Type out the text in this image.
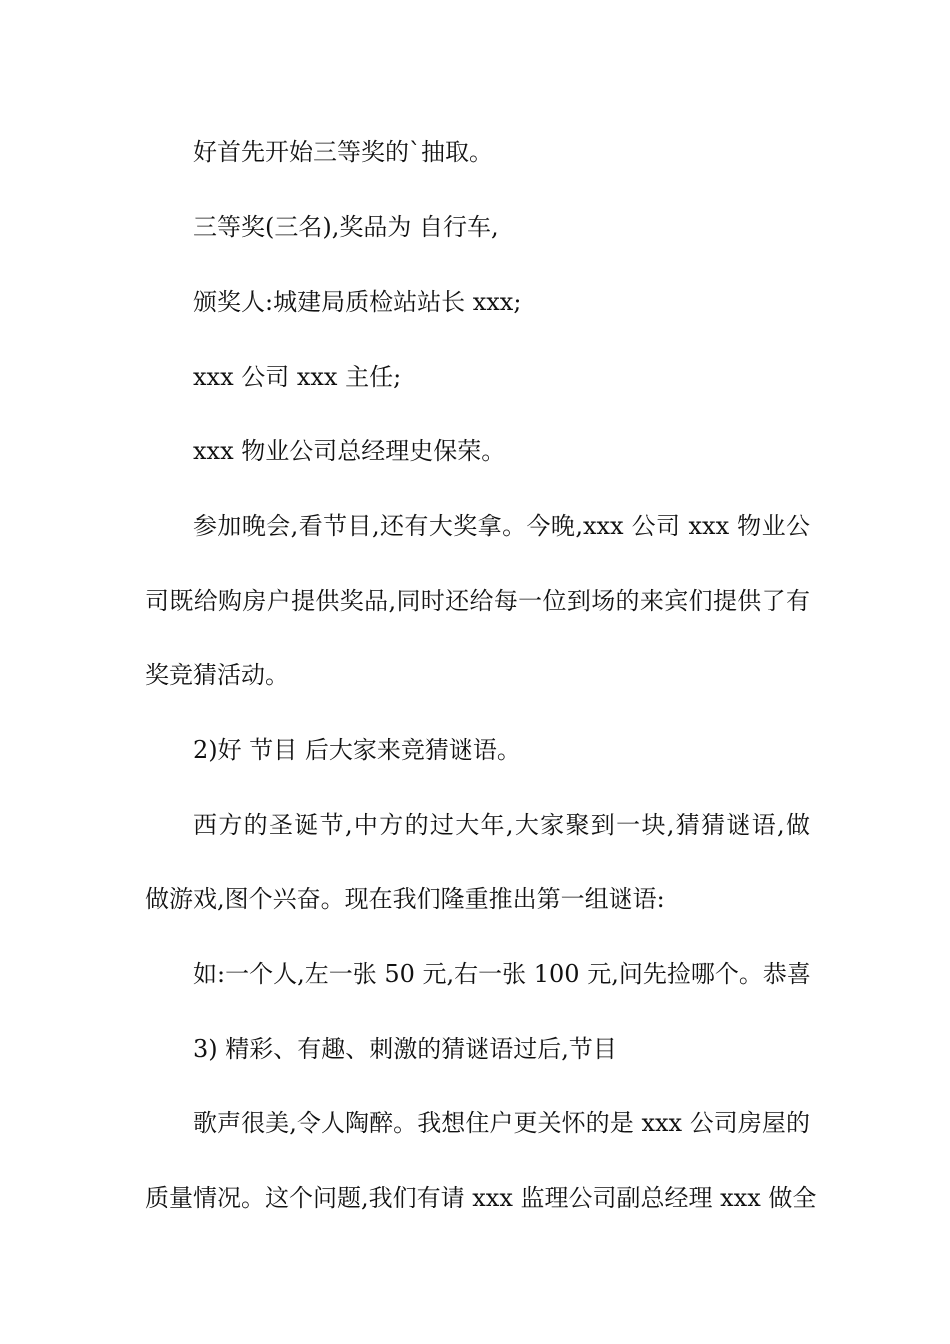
好首先开始三等奖的`抽取。
三等奖(三名),奖品为 自行车,
颁奖人:城建局质检站站长 xxx;
xxx 公司 xxx 主任;
xxx 物业公司总经理史保荣。
参加晚会,看节目,还有大奖拿。今晚,xxx 公司 xxx 物业公
司既给购房户提供奖品,同时还给每一位到场的来宾们提供了有
奖竞猜活动。
2)好 节目 后大家来竞猜谜语。
西方的圣诞节,中方的过大年,大家聚到一块,猜猜谜语,做
做游戏,图个兴奋。现在我们隆重推出第一组谜语:
如:一个人,左一张 50 元,右一张 100 元,问先捡哪个。恭喜
3) 精彩、有趣、刺激的猜谜语过后,节目
歌声很美,令人陶醉。我想住户更关怀的是 xxx 公司房屋的
质量情况。这个问题,我们有请 xxx 监理公司副总经理 xxx 做全
